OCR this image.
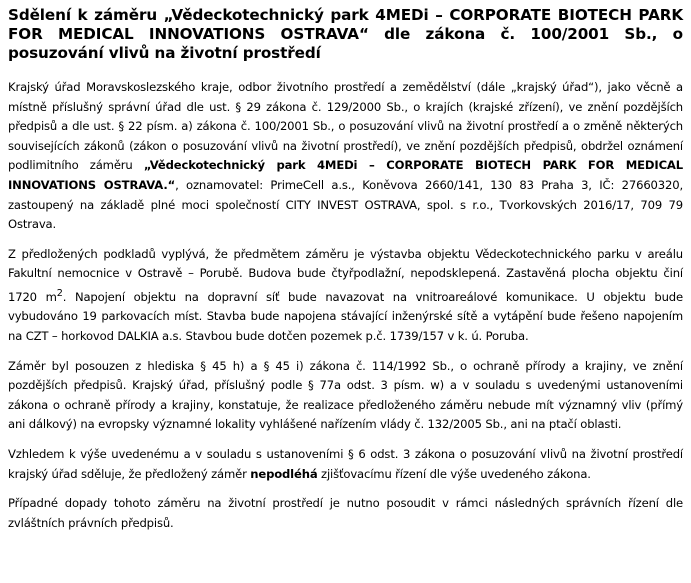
Sdělení k záměru „Vědeckotechnický park 4MEDi – CORPORATE BIOTECH PARK FOR MEDICAL INNOVATIONS OSTRAVA“ dle zákona č. 100/2001 Sb., o posuzování vlivů na životní prostředí

Krajský úřad Moravskoslezského kraje, odbor životního prostředí a zemědělství (dále „krajský úřad“), jako věcně a místně příslušný správní úřad dle ust. § 29 zákona č. 129/2000 Sb., o krajích (krajské zřízení), ve znění pozdějších předpisů a dle ust. § 22 písm. a) zákona č. 100/2001 Sb., o posuzování vlivů na životní prostředí a o změně některých souvisejících zákonů (zákon o posuzování vlivů na životní prostředí), ve znění pozdějších předpisů, obdržel oznámení podlimitního záměru „Vědeckotechnický park 4MEDi – CORPORATE BIOTECH PARK FOR MEDICAL INNOVATIONS OSTRAVA.“, oznamovatel: PrimeCell a.s., Koněvova 2660/141, 130 83 Praha 3, IČ: 27660320, zastoupený na základě plné moci společností CITY INVEST OSTRAVA, spol. s r.o., Tvorkovských 2016/17, 709 79 Ostrava.

Z předložených podkladů vyplývá, že předmětem záměru je výstavba objektu Vědeckotechnického parku v areálu Fakultní nemocnice v Ostravě – Porubě. Budova bude čtyřpodlažní, nepodsklepená. Zastavěná plocha objektu činí 1720 $m^2$. Napojení objektu na dopravní síť bude navazovat na vnitroareálové komunikace. U objektu bude vybudováno 19 parkovacích míst. Stavba bude napojena stávající inženýrské sítě a vytápění bude řešeno napojením na CZT – horkovod DALKIA a.s. Stavbou bude dotčen pozemek p.č. 1739/157 v k. ú. Poruba.

Záměr byl posouzen z hlediska § 45 h) a § 45 i) zákona č. 114/1992 Sb., o ochraně přírody a krajiny, ve znění pozdějších předpisů. Krajský úřad, příslušný podle § 77a odst. 3 písm. w) a v souladu s uvedenými ustanoveními zákona o ochraně přírody a krajiny, konstatuje, že realizace předloženého záměru nebude mít významný vliv (přímý ani dálkový) na evropsky významné lokality vyhlášené nařízením vlády č. 132/2005 Sb., ani na ptačí oblasti.

Vzhledem k výše uvedenému a v souladu s ustanoveními § 6 odst. 3 zákona o posuzování vlivů na životní prostředí krajský úřad sděluje, že předložený záměr nepodléhá zjišťovacímu řízení dle výše uvedeného zákona.

Případné dopady tohoto záměru na životní prostředí je nutno posoudit v rámci následných správních řízení dle zvláštních právních předpisů.
